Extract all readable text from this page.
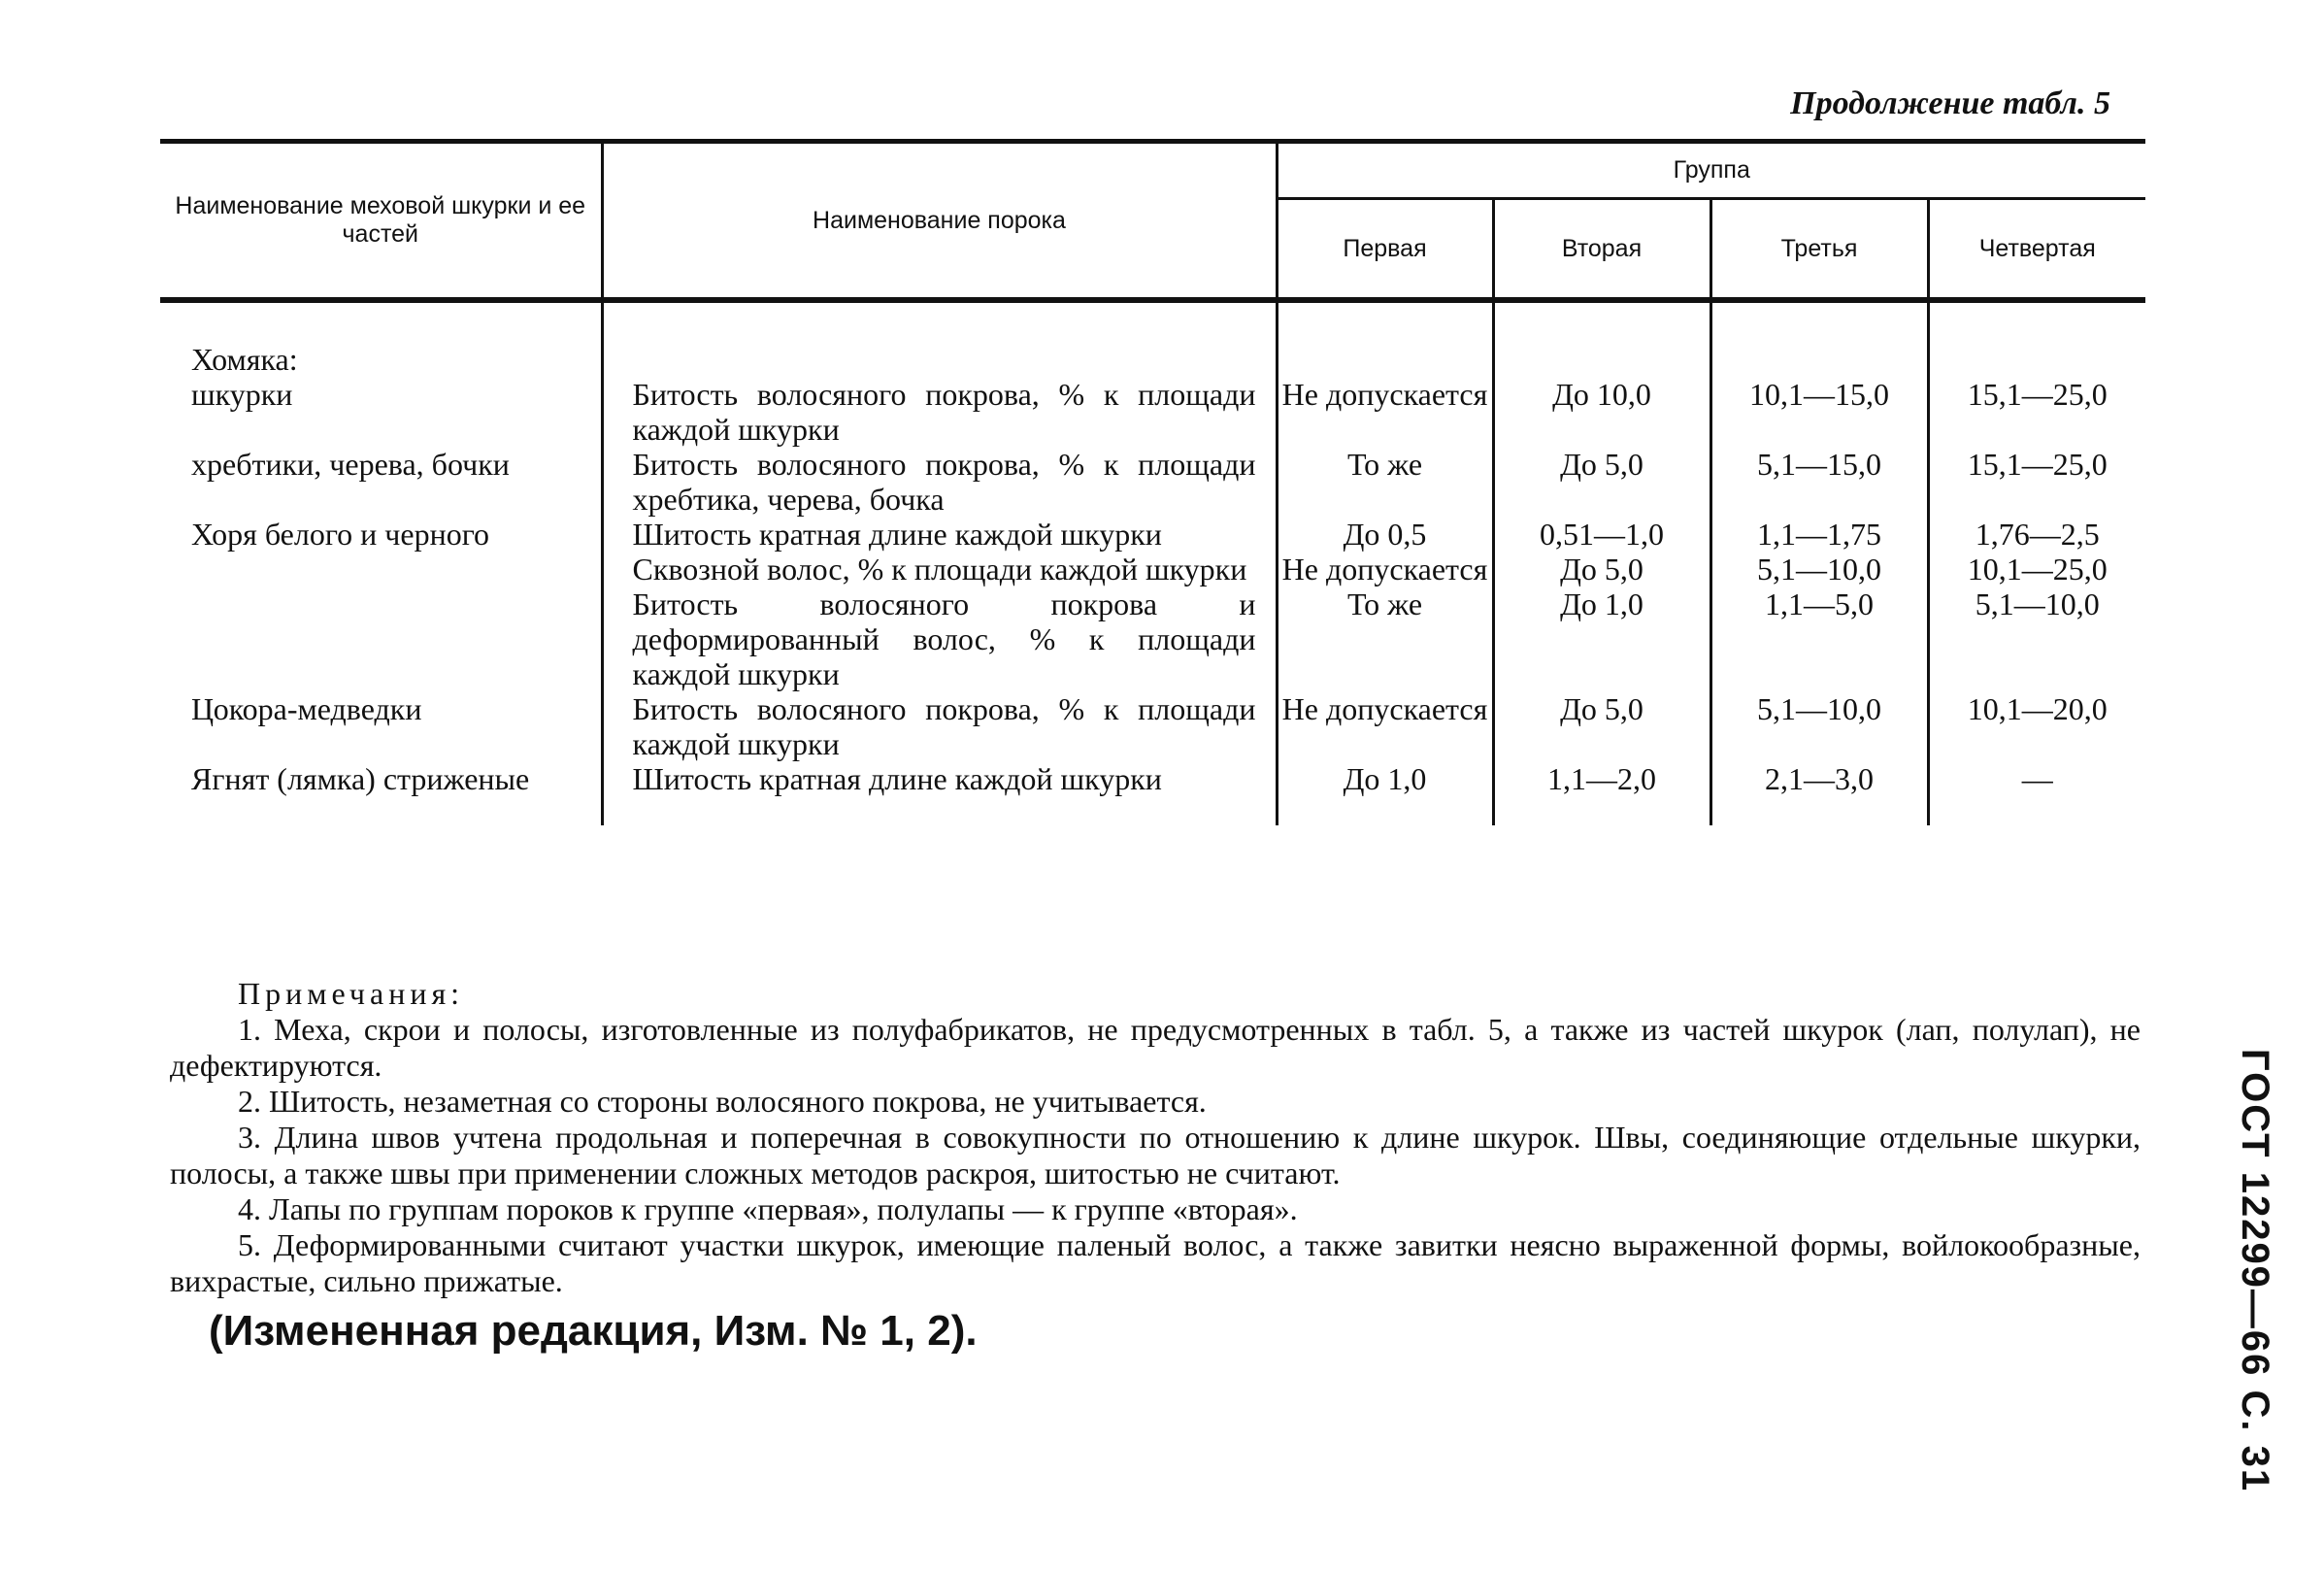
Продолжение табл. 5
Наименование меховой шкурки и ее частей	Наименование порока	Группа			
		Первая	Вторая	Третья	Четвертая
Хомяка:					
шкурки	Битость волосяного покрова, % к площади каждой шкурки	Не допускается	До 10,0	10,1—15,0	15,1—25,0
хребтики, черева, бочки	Битость волосяного покрова, % к площади хребтика, черева, бочка	То же	До 5,0	5,1—15,0	15,1—25,0
Хоря белого и черного	Шитость кратная длине каждой шкурки	До 0,5	0,51—1,0	1,1—1,75	1,76—2,5
	Сквозной волос, % к площади каждой шкурки	Не допускается	До 5,0	5,1—10,0	10,1—25,0
	Битость волосяного покрова и деформированный волос, % к площади каждой шкурки	То же	До 1,0	1,1—5,0	5,1—10,0
Цокора-медведки	Битость волосяного покрова, % к площади каждой шкурки	Не допускается	До 5,0	5,1—10,0	10,1—20,0
Ягнят (лямка) стриженые	Шитость кратная длине каждой шкурки	До 1,0	1,1—2,0	2,1—3,0	—

Примечания:

1. Меха, скрои и полосы, изготовленные из полуфабрикатов, не предусмотренных в табл. 5, а также из частей шкурок (лап, полулап), не дефектируются.

2. Шитость, незаметная со стороны волосяного покрова, не учитывается.

3. Длина швов учтена продольная и поперечная в совокупности по отношению к длине шкурок. Швы, соединяющие отдельные шкурки, полосы, а также швы при применении сложных методов раскроя, шитостью не считают.

4. Лапы по группам пороков к группе «первая», полулапы — к группе «вторая».

5. Деформированными считают участки шкурок, имеющие паленый волос, а также завитки неясно выраженной формы, войлокообразные, вихрастые, сильно прижатые.

(Измененная редакция, Изм. № 1, 2).	ГОСТ 12299—66 С. 31
